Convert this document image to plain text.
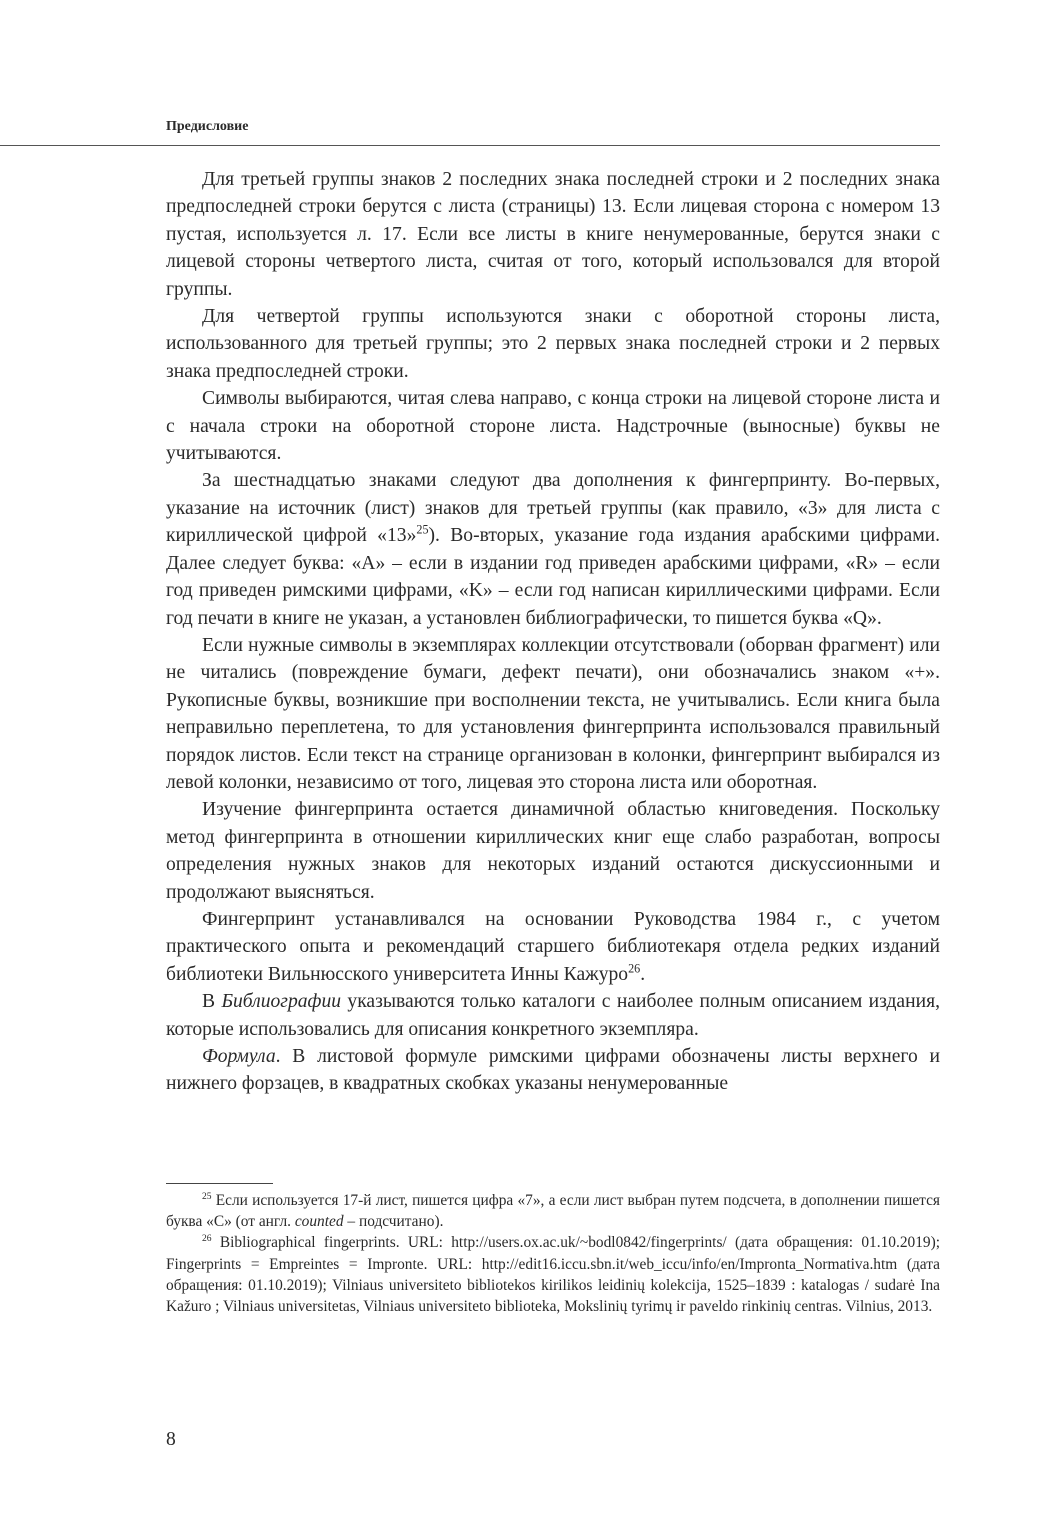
Предисловие

Для третьей группы знаков 2 последних знака последней строки и 2 последних знака предпоследней строки берутся с листа (страницы) 13. Если лицевая сторона с номером 13 пустая, используется л. 17. Если все листы в книге ненумерованные, берутся знаки с лицевой стороны четвертого листа, считая от того, который использовался для второй группы.

Для четвертой группы используются знаки с оборотной стороны листа, использованного для третьей группы; это 2 первых знака последней строки и 2 первых знака предпоследней строки.

Символы выбираются, читая слева направо, с конца строки на лицевой стороне листа и с начала строки на оборотной стороне листа. Надстрочные (выносные) буквы не учитываются.

За шестнадцатью знаками следуют два дополнения к фингерпринту. Во-первых, указание на источник (лист) знаков для третьей группы (как правило, «3» для листа с кириллической цифрой «13»$^{25}$). Во-вторых, указание года издания арабскими цифрами. Далее следует буква: «A» – если в издании год приведен арабскими цифрами, «R» – если год приведен римскими цифрами, «K» – если год написан кириллическими цифрами. Если год печати в книге не указан, а установлен библиографически, то пишется буква «Q».

Если нужные символы в экземплярах коллекции отсутствовали (оборван фрагмент) или не читались (повреждение бумаги, дефект печати), они обозначались знаком «+». Рукописные буквы, возникшие при восполнении текста, не учитывались. Если книга была неправильно переплетена, то для установления фингерпринта использовался правильный порядок листов. Если текст на странице организован в колонки, фингерпринт выбирался из левой колонки, независимо от того, лицевая это сторона листа или оборотная.

Изучение фингерпринта остается динамичной областью книговедения. Поскольку метод фингерпринта в отношении кириллических книг еще слабо разработан, вопросы определения нужных знаков для некоторых изданий остаются дискуссионными и продолжают выясняться.

Фингерпринт устанавливался на основании Руководства 1984 г., с учетом практического опыта и рекомендаций старшего библиотекаря отдела редких изданий библиотеки Вильнюсского университета Инны Кажуро$^{26}$.

В Библиографии указываются только каталоги с наиболее полным описанием издания, которые использовались для описания конкретного экземпляра.

Формула. В листовой формуле римскими цифрами обозначены листы верхнего и нижнего форзацев, в квадратных скобках указаны ненумерованные

$^{25}$ Если используется 17-й лист, пишется цифра «7», а если лист выбран путем подсчета, в дополнении пишется буква «С» (от англ. counted – подсчитано).

$^{26}$ Bibliographical fingerprints. URL: http://users.ox.ac.uk/~bodl0842/fingerprints/ (дата обращения: 01.10.2019); Fingerprints = Empreintes = Impronte. URL: http://edit16.iccu.sbn.it/web_iccu/info/en/Impronta_Normativa.htm (дата обращения: 01.10.2019); Vilniaus universiteto bibliotekos kirilikos leidinių kolekcija, 1525–1839 : katalogas / sudarė Ina Kažuro ; Vilniaus universitetas, Vilniaus universiteto biblioteka, Mokslinių tyrimų ir paveldo rinkinių centras. Vilnius, 2013.

8
